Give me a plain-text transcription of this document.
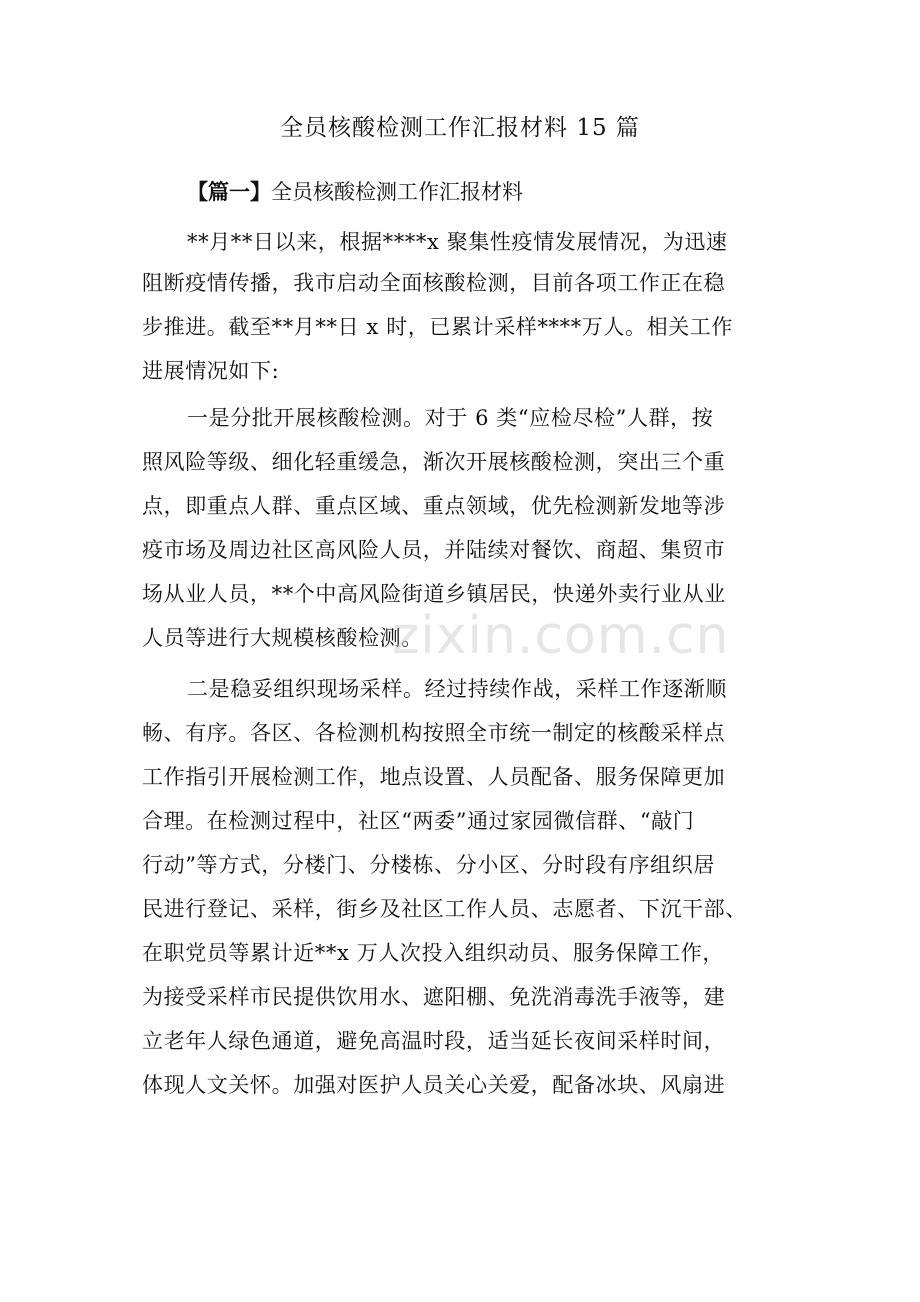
全员核酸检测工作汇报材料 15 篇
【篇一】全员核酸检测工作汇报材料
**月**日以来，根据****x 聚集性疫情发展情况，为迅速
阻断疫情传播，我市启动全面核酸检测，目前各项工作正在稳
步推进。截至**月**日 x 时，已累计采样****万人。相关工作
进展情况如下:
一是分批开展核酸检测。对于 6 类“应检尽检”人群，按
照风险等级、细化轻重缓急，渐次开展核酸检测，突出三个重
点，即重点人群、重点区域、重点领域，优先检测新发地等涉
疫市场及周边社区高风险人员，并陆续对餐饮、商超、集贸市
场从业人员，**个中高风险街道乡镇居民，快递外卖行业从业
人员等进行大规模核酸检测。
二是稳妥组织现场采样。经过持续作战，采样工作逐渐顺
畅、有序。各区、各检测机构按照全市统一制定的核酸采样点
工作指引开展检测工作，地点设置、人员配备、服务保障更加
合理。在检测过程中，社区“两委”通过家园微信群、“敲门
行动”等方式，分楼门、分楼栋、分小区、分时段有序组织居
民进行登记、采样，街乡及社区工作人员、志愿者、下沉干部、
在职党员等累计近**x 万人次投入组织动员、服务保障工作，
为接受采样市民提供饮用水、遮阳棚、免洗消毒洗手液等，建
立老年人绿色通道，避免高温时段，适当延长夜间采样时间，
体现人文关怀。加强对医护人员关心关爱，配备冰块、风扇进
zixin.com.cn
